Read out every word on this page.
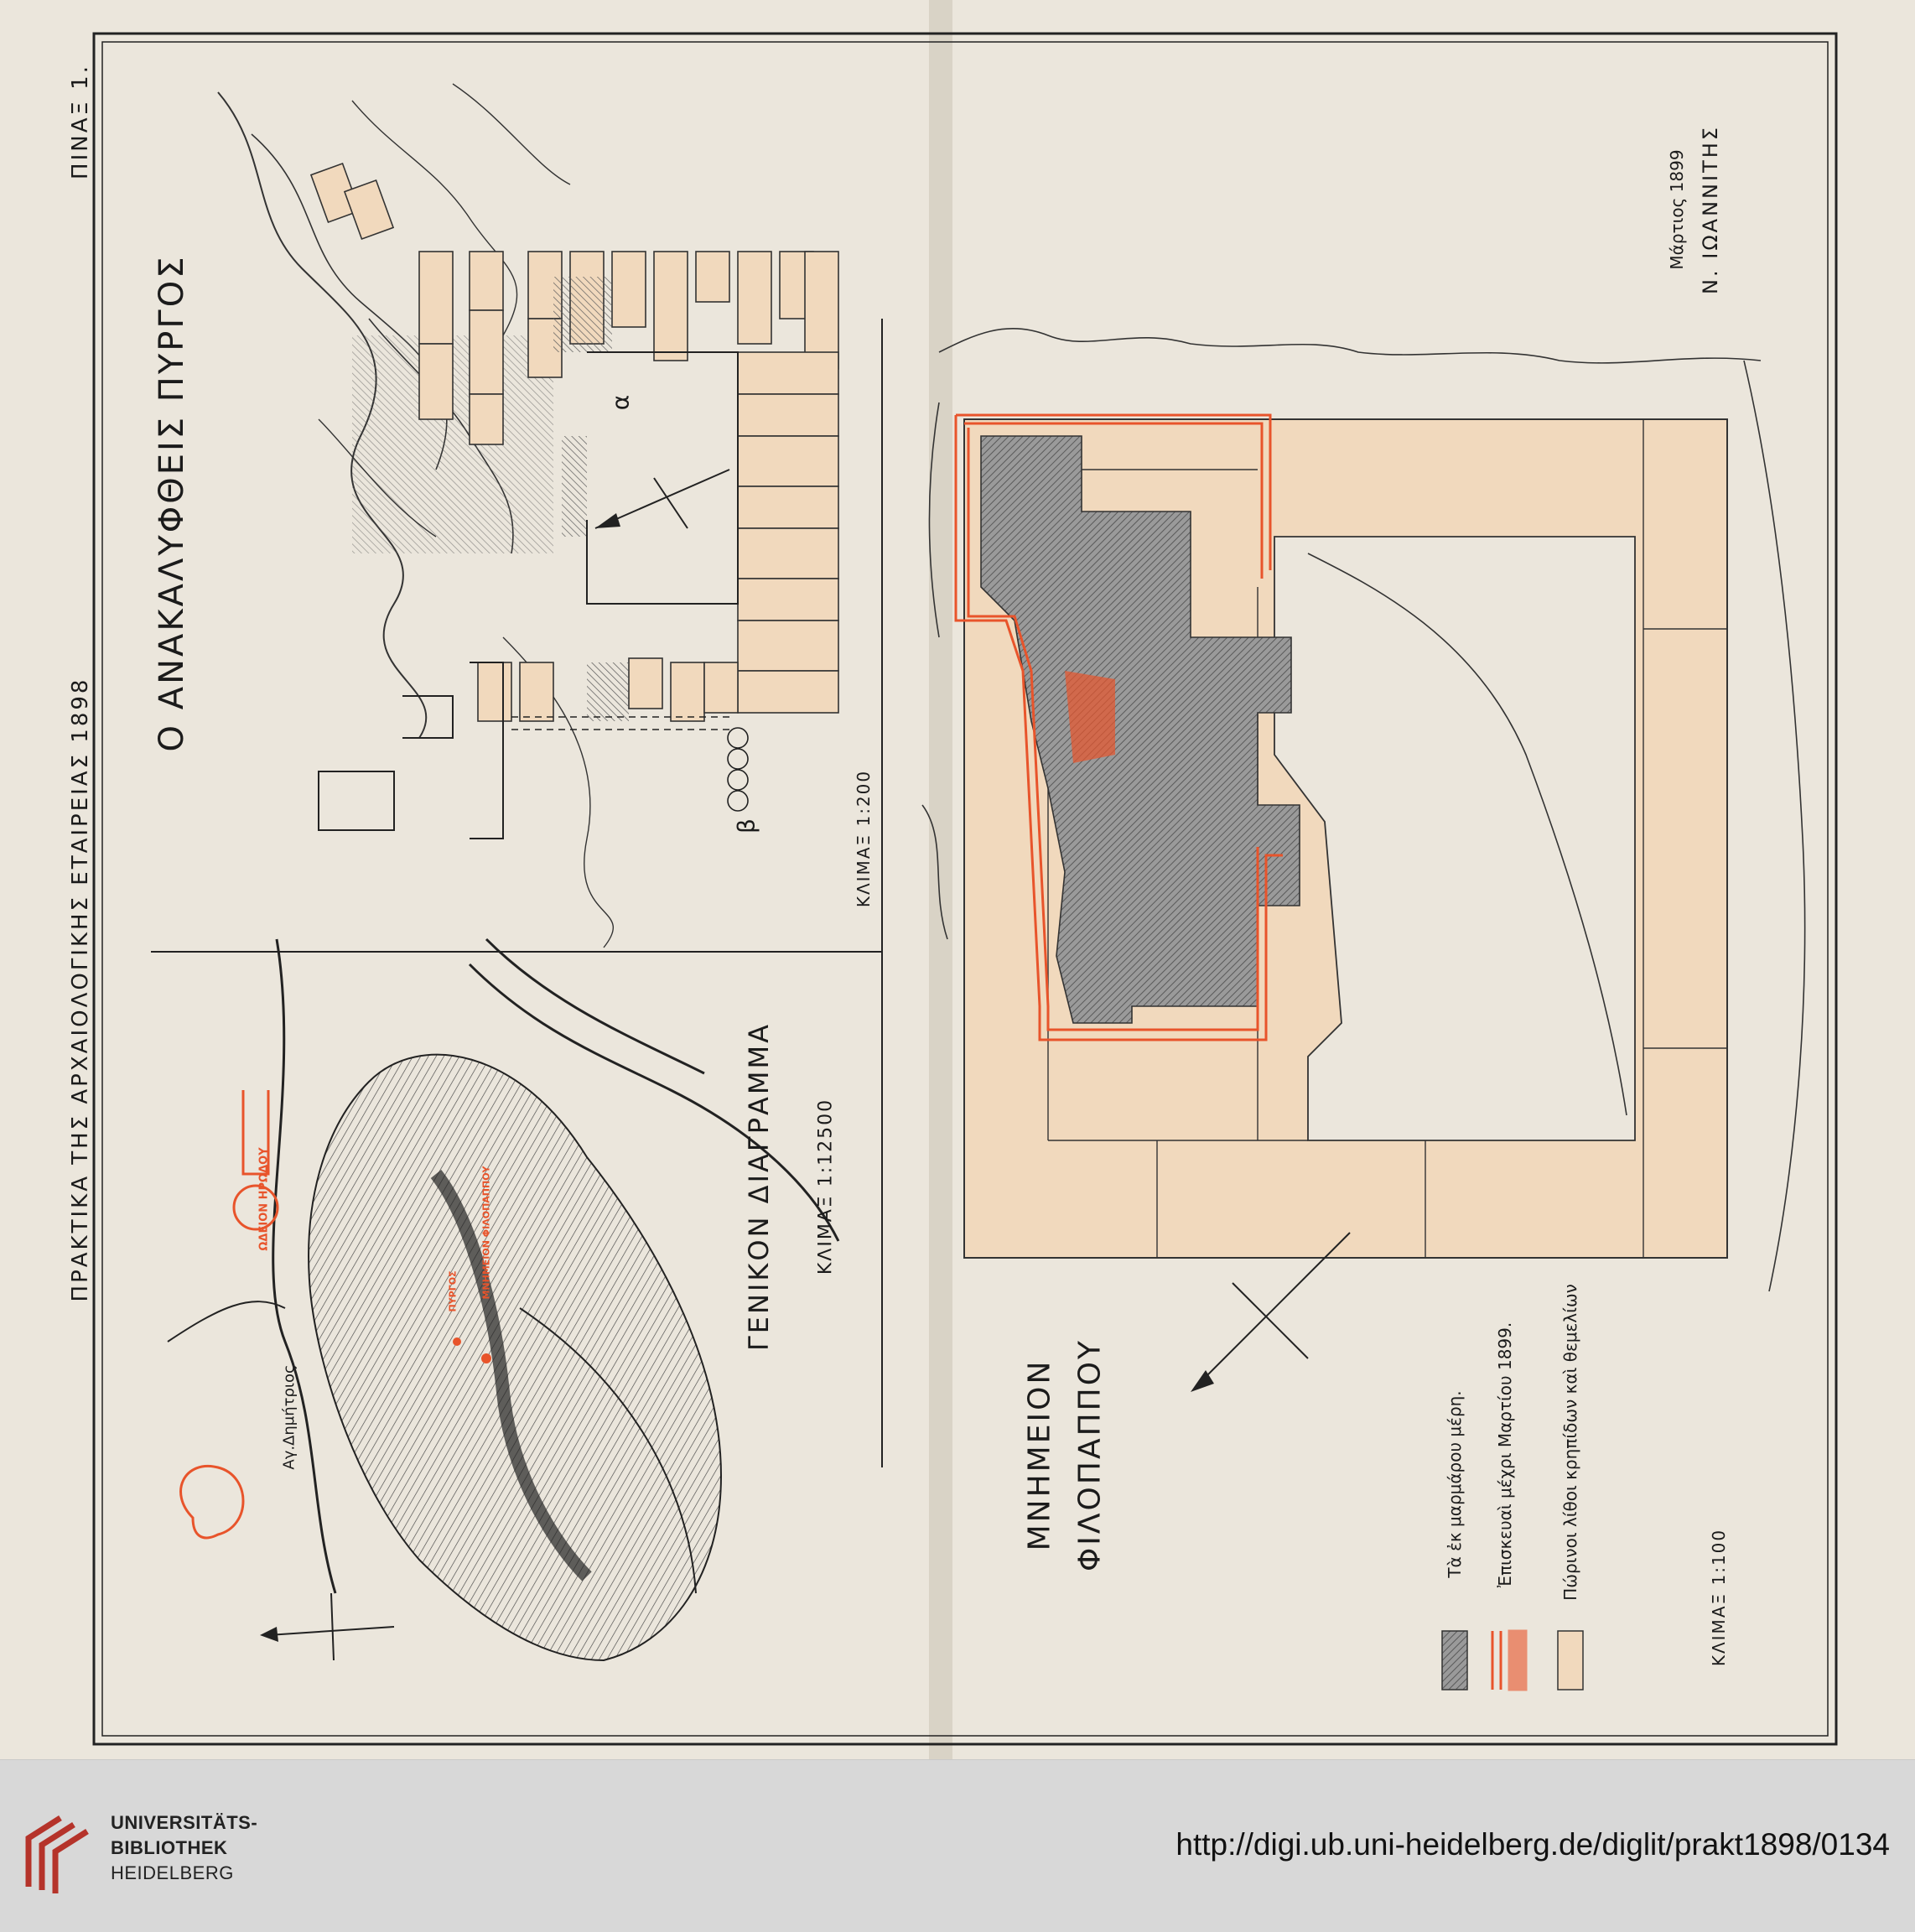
ΠΡΑΚΤΙΚΑ ΤΗΣ ΑΡΧΑΙΟΛΟΓΙΚΗΣ ΕΤΑΙΡΕΙΑΣ 1898
ΠΙΝΑΞ 1.
Ο ΑΝΑΚΑΛΥΦΘΕΙΣ ΠΥΡΓΟΣ
ΚΛΙΜΑΞ 1:200
α
β
ΓΕΝΙΚΟΝ ΔΙΑΓΡΑΜΜΑ ΚΛΙΜΑΞ 1:12500
Αγ.Δημήτριος
ΩΔΕΙΟΝ ΗΡΩΔΟΥ
ΠΥΡΓΟΣ ΜΝΗΜΕΙΟΝ ΦΙΛΟΠΑΠΠΟΥ
ΜΝΗΜΕΙΟΝ ΦΙΛΟΠΑΠΠΟΥ
Μάρτιος 1899 Ν. ΙΩΑΝΝΙΤΗΣ
ΚΛΙΜΑΞ 1:100
Τὰ ἐκ μαρμάρου μέρη. Ἐπισκευαὶ μέχρι Μαρτίου 1899.	Πώρινοι λίθοι κρηπίδων καὶ θεμελίων
UNIVERSITÄTS-
BIBLIOTHEK
HEIDELBERG
http://digi.ub.uni-heidelberg.de/diglit/prakt1898/0134
